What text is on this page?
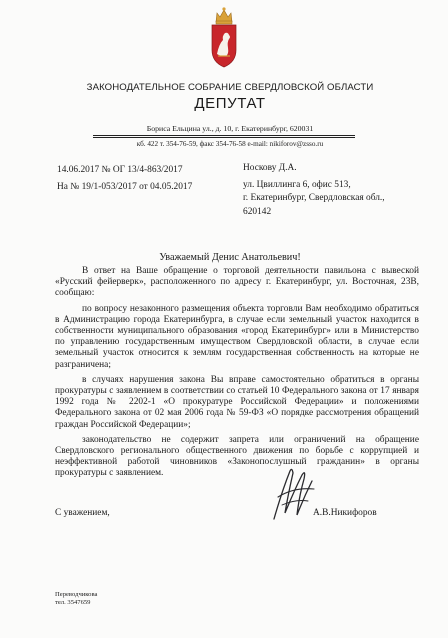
ЗАКОНОДАТЕЛЬНОЕ СОБРАНИЕ СВЕРДЛОВСКОЙ ОБЛАСТИ
ДЕПУТАТ
Бориса Ельцина ул., д. 10, г. Екатеринбург, 620031
кб. 422 т. 354-76-59, факс 354-76-58 e-mail: nikiforov@zsso.ru
14.06.2017 № ОГ 13/4-863/2017
На № 19/1-053/2017 от 04.05.2017
Носкову Д.А.
ул. Цвиллинга 6, офис 513,
г. Екатеринбург, Свердловская обл.,
620142
Уважаемый Денис Анатольевич!

В ответ на Ваше обращение о торговой деятельности павильона с вывеской «Русский фейерверк», расположенного по адресу г. Екатеринбург, ул. Восточная, 23В, сообщаю:

по вопросу незаконного размещения объекта торговли Вам необходимо обратиться в Администрацию города Екатеринбурга, в случае если земельный участок находится в собственности муниципального образования «город Екатеринбург» или в Министерство по управлению государственным имуществом Свердловской области, в случае если земельный участок относится к землям государственная собственность на которые не разграничена;

в случаях нарушения закона Вы вправе самостоятельно обратиться в органы прокуратуры с заявлением в соответствии со статьей 10 Федерального закона от 17 января 1992 года № 2202-1 «О прокуратуре Российской Федерации» и положениями Федерального закона от 02 мая 2006 года № 59-ФЗ «О порядке рассмотрения обращений граждан Российской Федерации»;

законодательство не содержит запрета или ограничений на обращение Свердловского регионального общественного движения по борьбе с коррупцией и неэффективной работой чиновников «Законопослушный гражданин» в органы прокуратуры с заявлением.

С уважением,	А.В.Никифоров
Переводчикова
тел. 3547659
